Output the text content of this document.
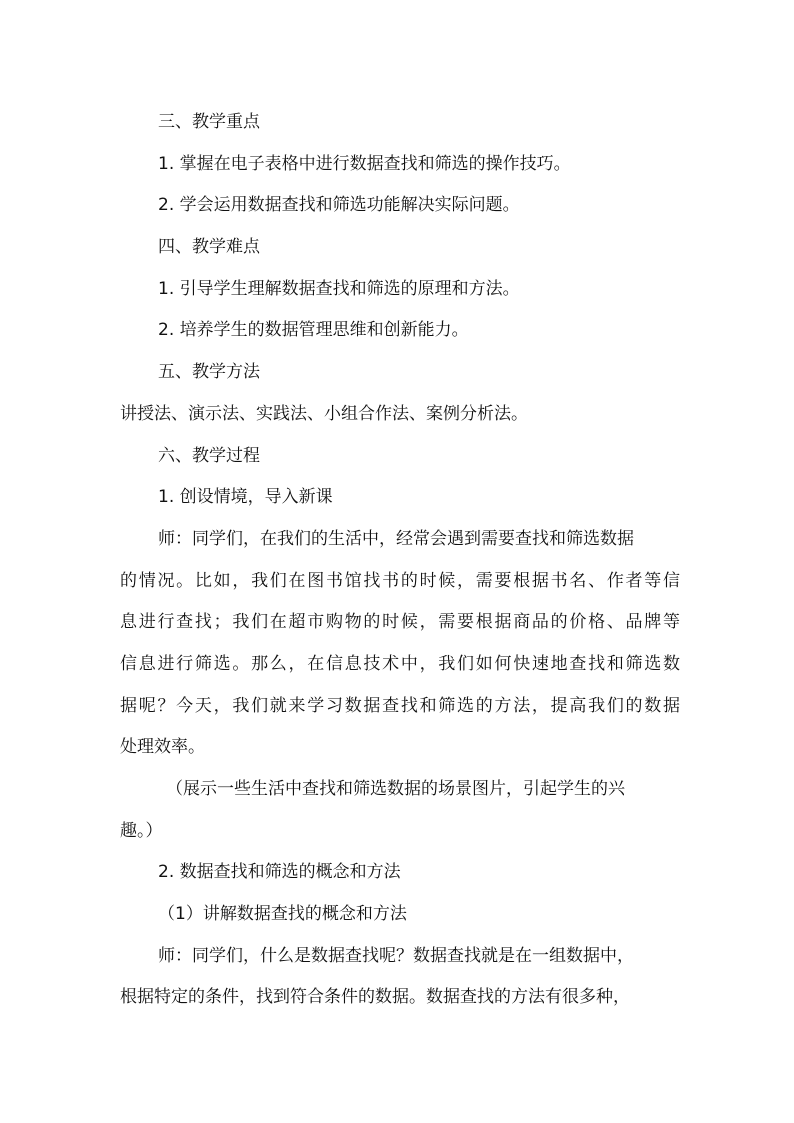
三、教学重点
1. 掌握在电子表格中进行数据查找和筛选的操作技巧。
2. 学会运用数据查找和筛选功能解决实际问题。
四、教学难点
1. 引导学生理解数据查找和筛选的原理和方法。
2. 培养学生的数据管理思维和创新能力。
五、教学方法
讲授法、演示法、实践法、小组合作法、案例分析法。
六、教学过程
1. 创设情境，导入新课
师：同学们，在我们的生活中，经常会遇到需要查找和筛选数据
的情况。比如，我们在图书馆找书的时候，需要根据书名、作者等信
息进行查找；我们在超市购物的时候，需要根据商品的价格、品牌等
信息进行筛选。那么，在信息技术中，我们如何快速地查找和筛选数
据呢？今天，我们就来学习数据查找和筛选的方法，提高我们的数据
处理效率。
（展示一些生活中查找和筛选数据的场景图片，引起学生的兴
趣。）
2. 数据查找和筛选的概念和方法
（1）讲解数据查找的概念和方法
师：同学们，什么是数据查找呢？数据查找就是在一组数据中，
根据特定的条件，找到符合条件的数据。数据查找的方法有很多种，
